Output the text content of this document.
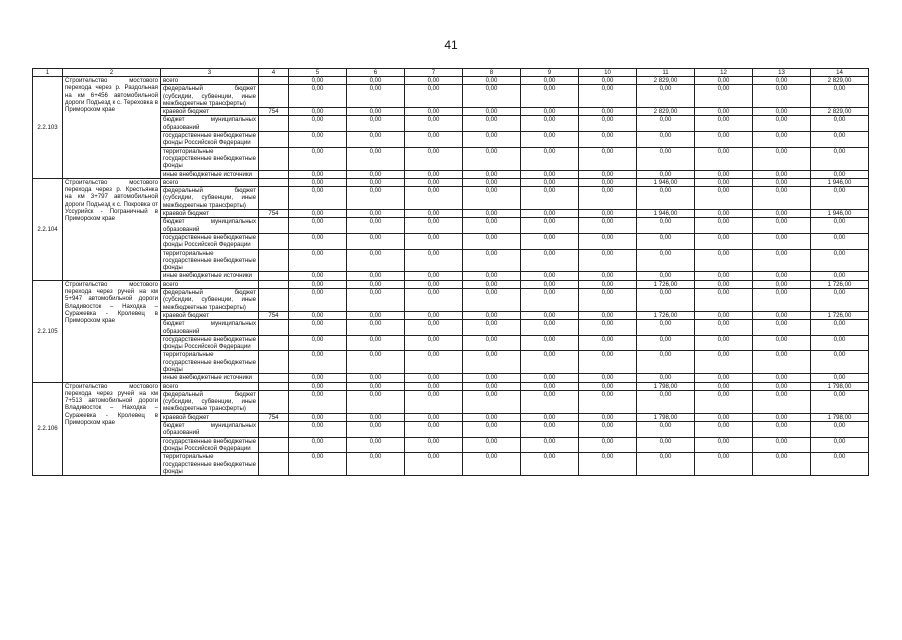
41
1	2	3	4	5	6	7	8	9	10	11	12	13	14
2.2.103	Строительство мостового перехода через р. Раздольная на км 6+456 автомобильной дороги Подъезд к с. Тереховка в Приморском крае	всего		0,00	0,00	0,00	0,00	0,00	0,00	2 829,00	0,00	0,00	2 829,00
		федеральный бюджет (субсидии, субвенции, иные межбюджетные трансферты)		0,00	0,00	0,00	0,00	0,00	0,00	0,00	0,00	0,00	0,00
		краевой бюджет	754	0,00	0,00	0,00	0,00	0,00	0,00	2 829,00	0,00	0,00	2 829,00
		бюджет муниципальных образований		0,00	0,00	0,00	0,00	0,00	0,00	0,00	0,00	0,00	0,00
		государственные внебюджетные фонды Российской Федерации		0,00	0,00	0,00	0,00	0,00	0,00	0,00	0,00	0,00	0,00
		территориальные государственные внебюджетные фонды		0,00	0,00	0,00	0,00	0,00	0,00	0,00	0,00	0,00	0,00
		иные внебюджетные источники		0,00	0,00	0,00	0,00	0,00	0,00	0,00	0,00	0,00	0,00
2.2.104	Строительство мостового перехода через р. Крестьянка на км 3+797 автомобильной дороги Подъезд к с. Покровка от Уссурийск - Пограничный в Приморском крае	всего		0,00	0,00	0,00	0,00	0,00	0,00	1 946,00	0,00	0,00	1 946,00
		федеральный бюджет (субсидии, субвенции, иные межбюджетные трансферты)		0,00	0,00	0,00	0,00	0,00	0,00	0,00	0,00	0,00	0,00
		краевой бюджет	754	0,00	0,00	0,00	0,00	0,00	0,00	1 946,00	0,00	0,00	1 946,00
		бюджет муниципальных образований		0,00	0,00	0,00	0,00	0,00	0,00	0,00	0,00	0,00	0,00
		государственные внебюджетные фонды Российской Федерации		0,00	0,00	0,00	0,00	0,00	0,00	0,00	0,00	0,00	0,00
		территориальные государственные внебюджетные фонды		0,00	0,00	0,00	0,00	0,00	0,00	0,00	0,00	0,00	0,00
		иные внебюджетные источники		0,00	0,00	0,00	0,00	0,00	0,00	0,00	0,00	0,00	0,00
2.2.105	Строительство мостового перехода через ручей на км 5+947 автомобильной дороги Владивосток – Находка – Суражевка - Кролевец в Приморском крае	всего		0,00	0,00	0,00	0,00	0,00	0,00	1 726,00	0,00	0,00	1 726,00
		федеральный бюджет (субсидии, субвенции, иные межбюджетные трансферты)		0,00	0,00	0,00	0,00	0,00	0,00	0,00	0,00	0,00	0,00
		краевой бюджет	754	0,00	0,00	0,00	0,00	0,00	0,00	1 726,00	0,00	0,00	1 726,00
		бюджет муниципальных образований		0,00	0,00	0,00	0,00	0,00	0,00	0,00	0,00	0,00	0,00
		государственные внебюджетные фонды Российской Федерации		0,00	0,00	0,00	0,00	0,00	0,00	0,00	0,00	0,00	0,00
		территориальные государственные внебюджетные фонды		0,00	0,00	0,00	0,00	0,00	0,00	0,00	0,00	0,00	0,00
		иные внебюджетные источники		0,00	0,00	0,00	0,00	0,00	0,00	0,00	0,00	0,00	0,00
2.2.106	Строительство мостового перехода через ручей на км 7+513 автомобильной дороги Владивосток – Находка – Суражевка - Кролевец в Приморском крае	всего		0,00	0,00	0,00	0,00	0,00	0,00	1 798,00	0,00	0,00	1 798,00
		федеральный бюджет (субсидии, субвенции, иные межбюджетные трансферты)		0,00	0,00	0,00	0,00	0,00	0,00	0,00	0,00	0,00	0,00
		краевой бюджет	754	0,00	0,00	0,00	0,00	0,00	0,00	1 798,00	0,00	0,00	1 798,00
		бюджет муниципальных образований		0,00	0,00	0,00	0,00	0,00	0,00	0,00	0,00	0,00	0,00
		государственные внебюджетные фонды Российской Федерации		0,00	0,00	0,00	0,00	0,00	0,00	0,00	0,00	0,00	0,00
		территориальные государственные внебюджетные фонды		0,00	0,00	0,00	0,00	0,00	0,00	0,00	0,00	0,00	0,00
